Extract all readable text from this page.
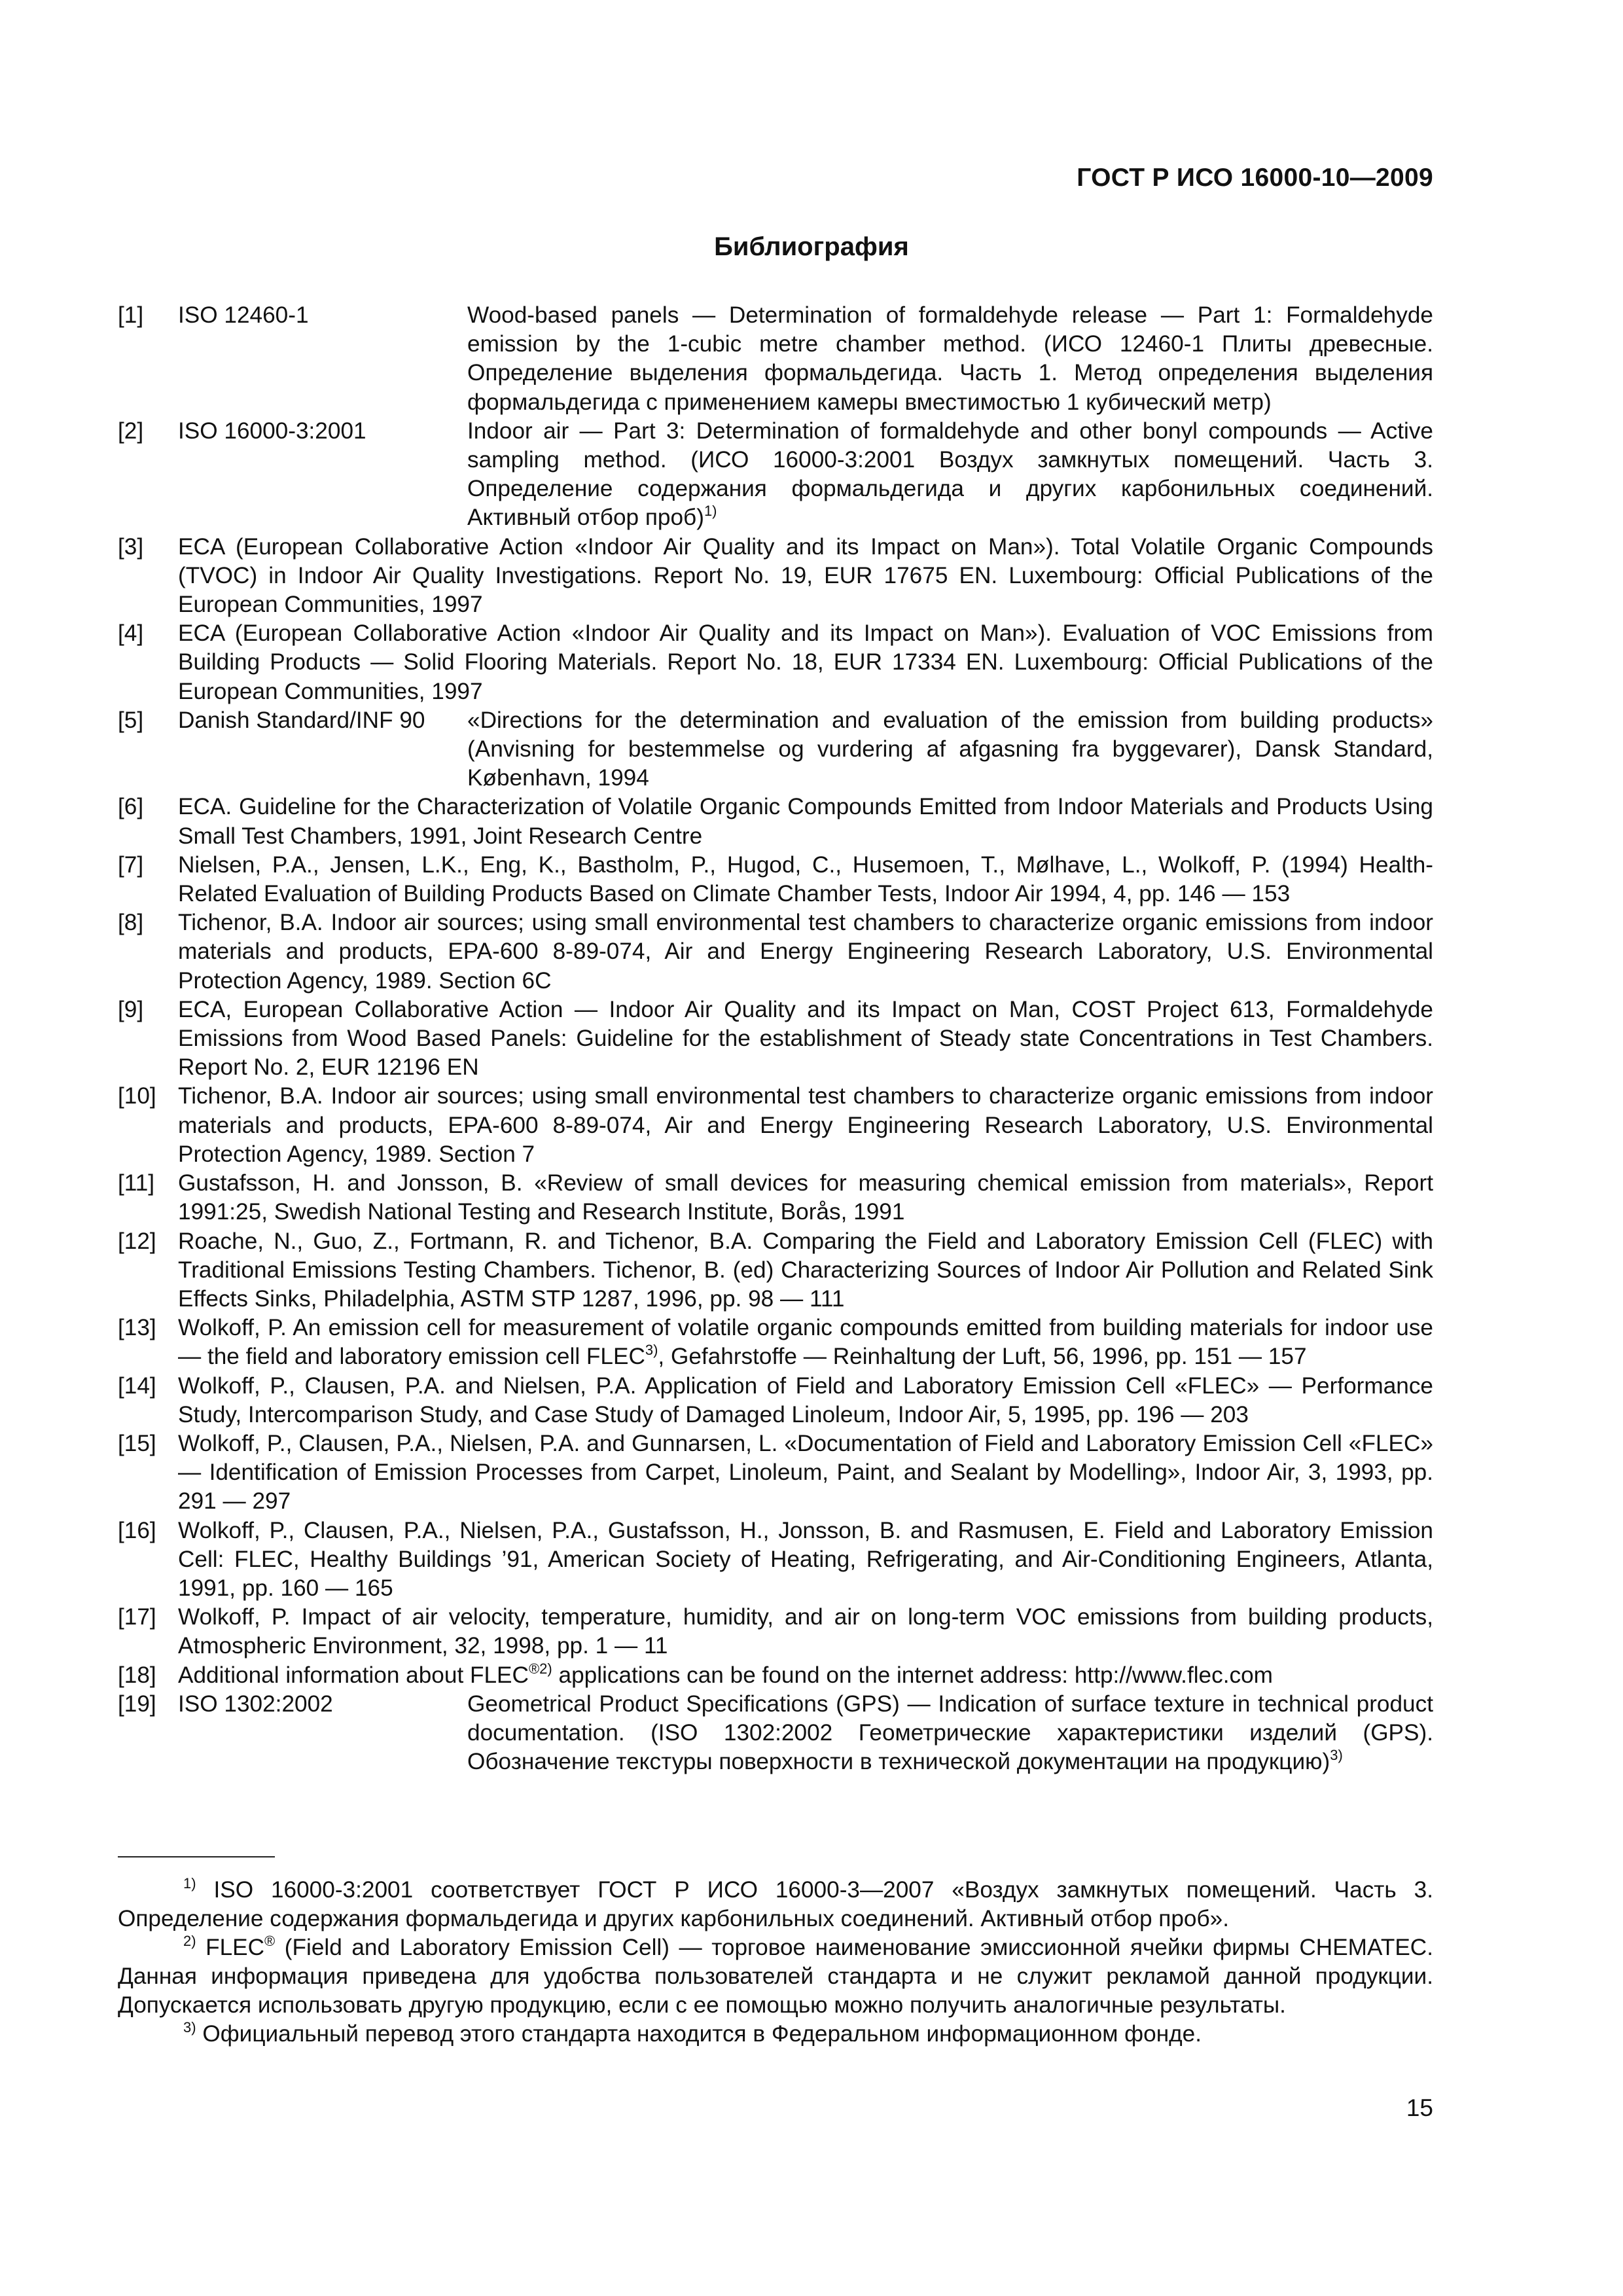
ГОСТ Р ИСО 16000-10—2009
Библиография
[1]	ISO 12460-1	Wood-based panels — Determination of formaldehyde release — Part 1: Formaldehyde emission by the 1-cubic metre chamber method. (ИСО 12460-1 Плиты древесные. Определение выделения формальдегида. Часть 1. Метод определения выделения формальдегида с применением камеры вместимостью 1 кубический метр)
[2]	ISO 16000-3:2001	Indoor air — Part 3: Determination of formaldehyde and other bonyl compounds — Active sampling method. (ИСО 16000-3:2001 Воздух замкнутых помещений. Часть 3. Определение содержания формальдегида и других карбонильных соединений. Активный отбор проб)$^{1)}$
[3]	ECA (European Collaborative Action «Indoor Air Quality and its Impact on Man»). Total Volatile Organic Compounds (TVOC) in Indoor Air Quality Investigations. Report No. 19, EUR 17675 EN. Luxembourg: Official Publications of the European Communities, 1997
[4]	ECA (European Collaborative Action «Indoor Air Quality and its Impact on Man»). Evaluation of VOC Emissions from Building Products — Solid Flooring Materials. Report No. 18, EUR 17334 EN. Luxembourg: Official Publications of the European Communities, 1997
[5]	Danish Standard/INF 90	«Directions for the determination and evaluation of the emission from building products» (Anvisning for bestemmelse og vurdering af afgasning fra byggevarer), Dansk Standard, København, 1994
[6]	ECA. Guideline for the Characterization of Volatile Organic Compounds Emitted from Indoor Materials and Products Using Small Test Chambers, 1991, Joint Research Centre
[7]	Nielsen, P.A., Jensen, L.K., Eng, K., Bastholm, P., Hugod, C., Husemoen, T., Mølhave, L., Wolkoff, P. (1994) Health-Related Evaluation of Building Products Based on Climate Chamber Tests, Indoor Air 1994, 4, pp. 146 — 153
[8]	Tichenor, B.A. Indoor air sources; using small environmental test chambers to characterize organic emissions from indoor materials and products, EPA-600 8-89-074, Air and Energy Engineering Research Laboratory, U.S. Environmental Protection Agency, 1989. Section 6C
[9]	ECA, European Collaborative Action — Indoor Air Quality and its Impact on Man, COST Project 613, Formaldehyde Emissions from Wood Based Panels: Guideline for the establishment of Steady state Concentrations in Test Chambers. Report No. 2, EUR 12196 EN
[10] Tichenor, B.A. Indoor air sources; using small environmental test chambers to characterize organic emissions from indoor materials and products, EPA-600 8-89-074, Air and Energy Engineering Research Laboratory, U.S. Environmental Protection Agency, 1989. Section 7
[11]	Gustafsson, H. and Jonsson, B. «Review of small devices for measuring chemical emission from materials», Report 1991:25, Swedish National Testing and Research Institute, Borås, 1991
[12] Roache, N., Guo, Z., Fortmann, R. and Tichenor, B.A. Comparing the Field and Laboratory Emission Cell (FLEC) with Traditional Emissions Testing Chambers. Tichenor, B. (ed) Characterizing Sources of Indoor Air Pollution and Related Sink Effects Sinks, Philadelphia, ASTM STP 1287, 1996, pp. 98 — 111
[13] Wolkoff, P. An emission cell for measurement of volatile organic compounds emitted from building materials for indoor use — the field and laboratory emission cell FLEC$^{3)}$, Gefahrstoffe — Reinhaltung der Luft, 56, 1996, pp. 151 — 157
[14] Wolkoff, P., Clausen, P.A. and Nielsen, P.A. Application of Field and Laboratory Emission Cell «FLEC» — Performance Study, Intercomparison Study, and Case Study of Damaged Linoleum, Indoor Air, 5, 1995, pp. 196 — 203
[15] Wolkoff, P., Clausen, P.A., Nielsen, P.A. and Gunnarsen, L. «Documentation of Field and Laboratory Emission Cell «FLEC» — Identification of Emission Processes from Carpet, Linoleum, Paint, and Sealant by Modelling», Indoor Air, 3, 1993, pp. 291 — 297
[16] Wolkoff, P., Clausen, P.A., Nielsen, P.A., Gustafsson, H., Jonsson, B. and Rasmusen, E. Field and Laboratory Emission Cell: FLEC, Healthy Buildings ’91, American Society of Heating, Refrigerating, and Air-Conditioning Engineers, Atlanta, 1991, pp. 160 — 165
[17] Wolkoff, P. Impact of air velocity, temperature, humidity, and air on long-term VOC emissions from building products, Atmospheric Environment, 32, 1998, pp. 1 — 11
[18] Additional information about $FLEC^{®2)}$ applications can be found on the internet address: http://www.flec.com
[19] ISO 1302:2002	Geometrical Product Specifications (GPS) — Indication of surface texture in technical product documentation. (ISO 1302:2002 Геометрические характеристики изделий (GPS). Обозначение текстуры поверхности в технической документации на продукцию)$^{3)}$

$^{1)}$ ISO 16000-3:2001 соответствует ГОСТ Р ИСО 16000-3—2007 «Воздух замкнутых помещений. Часть 3. Определение содержания формальдегида и других карбонильных соединений. Активный отбор проб».

$^{2)}$ FLEC® (Field and Laboratory Emission Cell) — торговое наименование эмиссионной ячейки фирмы CHEMATEC. Данная информация приведена для удобства пользователей стандарта и не служит рекламой данной продукции. Допускается использовать другую продукцию, если с ее помощью можно получить аналогичные результаты.

$^{3)}$ Официальный перевод этого стандарта находится в Федеральном информационном фонде.

15
